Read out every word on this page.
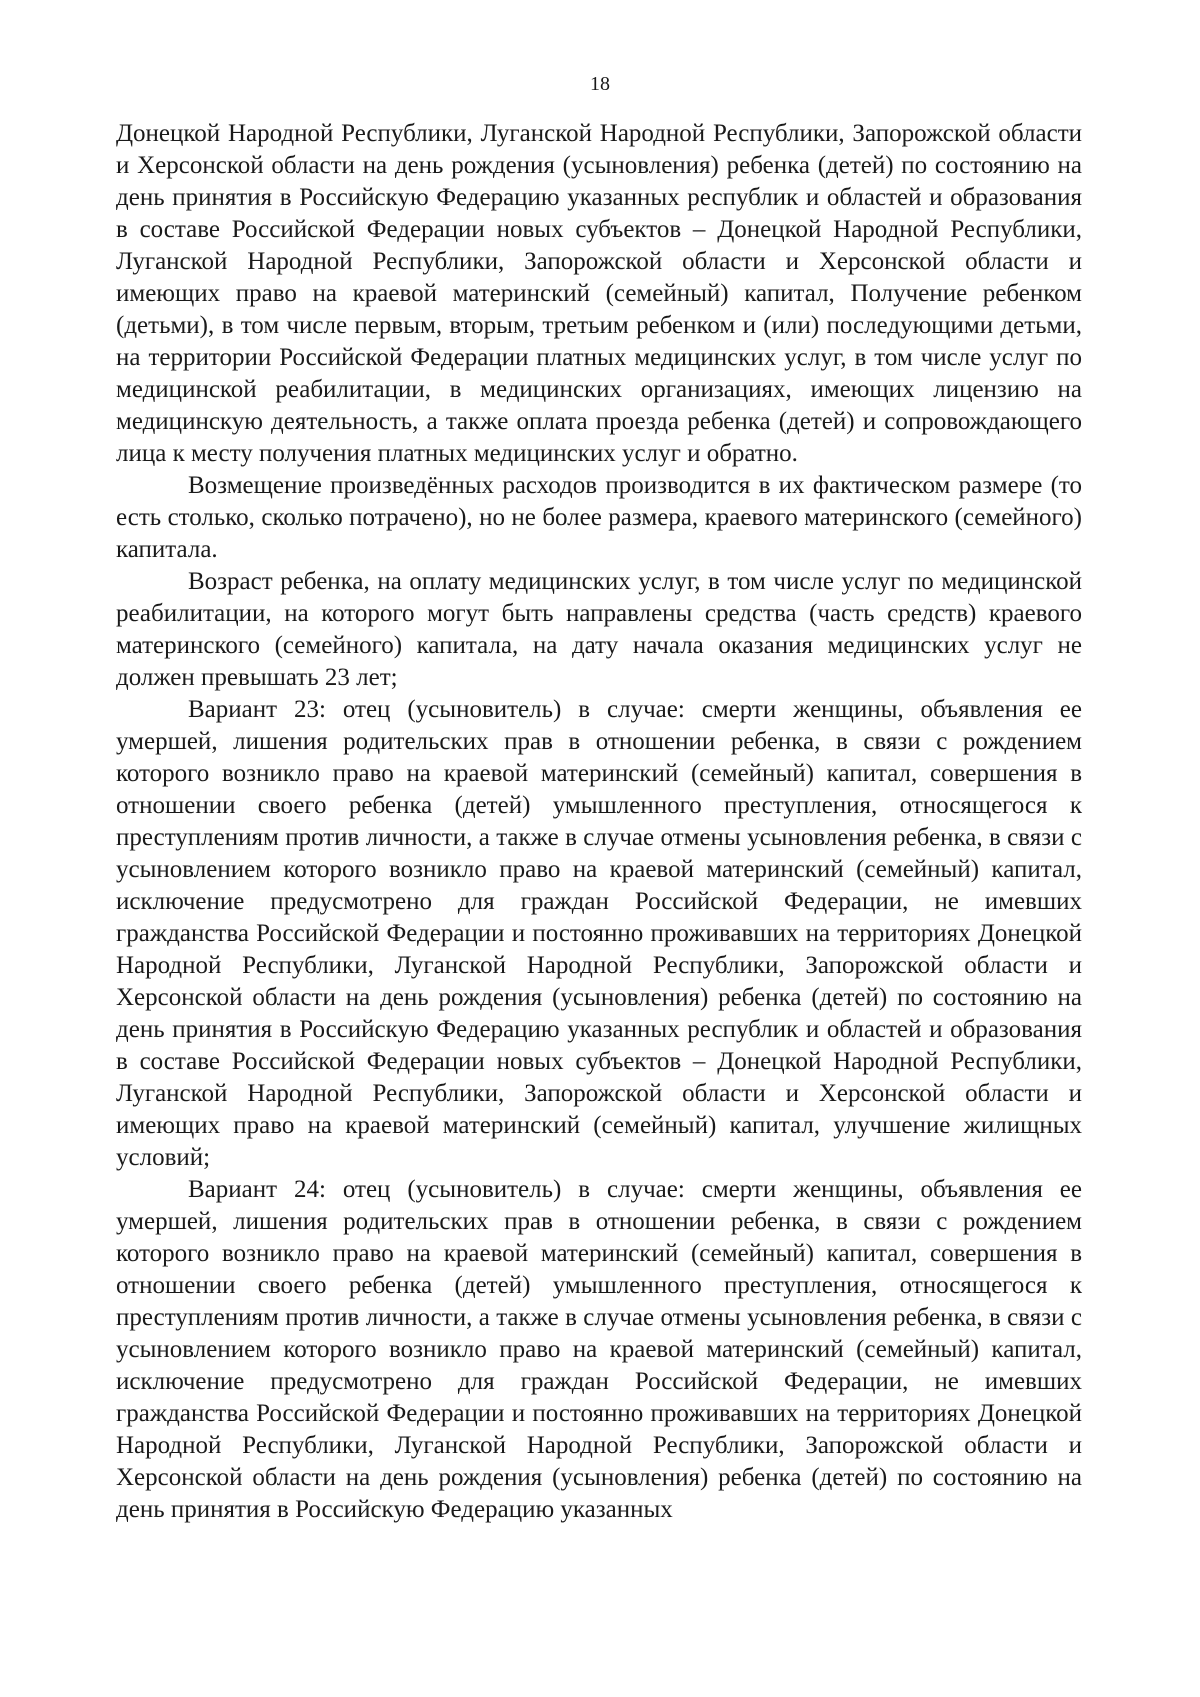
18

Донецкой Народной Республики, Луганской Народной Республики, Запорожской области и Херсонской области на день рождения (усыновления) ребенка (детей) по состоянию на день принятия в Российскую Федерацию указанных республик и областей и образования в составе Российской Федерации новых субъектов – Донецкой Народной Республики, Луганской Народной Республики, Запорожской области и Херсонской области и имеющих право на краевой материнский (семейный) капитал, Получение ребенком (детьми), в том числе первым, вторым, третьим ребенком и (или) последующими детьми, на территории Российской Федерации платных медицинских услуг, в том числе услуг по медицинской реабилитации, в медицинских организациях, имеющих лицензию на медицинскую деятельность, а также оплата проезда ребенка (детей) и сопровождающего лица к месту получения платных медицинских услуг и обратно.

Возмещение произведённых расходов производится в их фактическом размере (то есть столько, сколько потрачено), но не более размера, краевого материнского (семейного) капитала.

Возраст ребенка, на оплату медицинских услуг, в том числе услуг по медицинской реабилитации, на которого могут быть направлены средства (часть средств) краевого материнского (семейного) капитала, на дату начала оказания медицинских услуг не должен превышать 23 лет;

Вариант 23: отец (усыновитель) в случае: смерти женщины, объявления ее умершей, лишения родительских прав в отношении ребенка, в связи с рождением которого возникло право на краевой материнский (семейный) капитал, совершения в отношении своего ребенка (детей) умышленного преступления, относящегося к преступлениям против личности, а также в случае отмены усыновления ребенка, в связи с усыновлением которого возникло право на краевой материнский (семейный) капитал, исключение предусмотрено для граждан Российской Федерации, не имевших гражданства Российской Федерации и постоянно проживавших на территориях Донецкой Народной Республики, Луганской Народной Республики, Запорожской области и Херсонской области на день рождения (усыновления) ребенка (детей) по состоянию на день принятия в Российскую Федерацию указанных республик и областей и образования в составе Российской Федерации новых субъектов – Донецкой Народной Республики, Луганской Народной Республики, Запорожской области и Херсонской области и имеющих право на краевой материнский (семейный) капитал, улучшение жилищных условий;

Вариант 24: отец (усыновитель) в случае: смерти женщины, объявления ее умершей, лишения родительских прав в отношении ребенка, в связи с рождением которого возникло право на краевой материнский (семейный) капитал, совершения в отношении своего ребенка (детей) умышленного преступления, относящегося к преступлениям против личности, а также в случае отмены усыновления ребенка, в связи с усыновлением которого возникло право на краевой материнский (семейный) капитал, исключение предусмотрено для граждан Российской Федерации, не имевших гражданства Российской Федерации и постоянно проживавших на территориях Донецкой Народной Республики, Луганской Народной Республики, Запорожской области и Херсонской области на день рождения (усыновления) ребенка (детей) по состоянию на день принятия в Российскую Федерацию указанных
